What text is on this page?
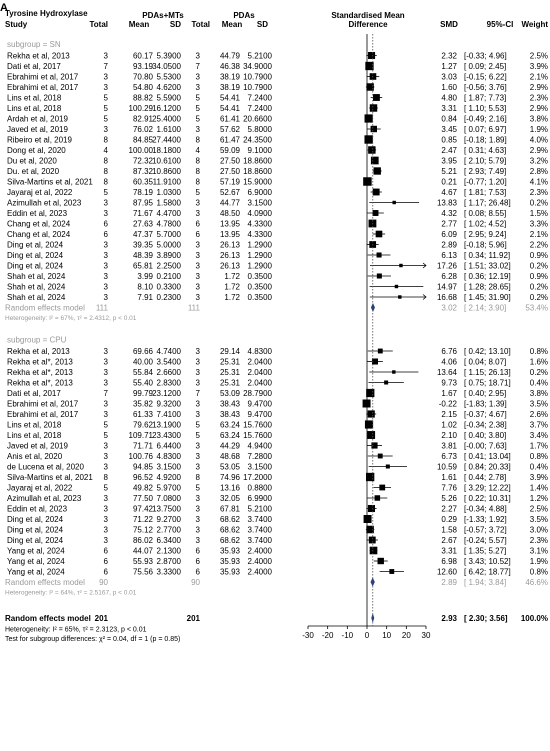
A
Tyrosine Hydroxylase
Study
PDAs+MTs	PDAs
Total	Mean	SD Total Mean SD
Standardised Mean
Difference	SMD	95%-CI Weight
subgroup = SN
Rekha et al, 2013	3	60.17 5.3900 3 44.79 5.2100	2.32 [-0.33; 4.96]	2.5%
Dati et al, 2017	7	93.19 34.0500 7 46.38 34.9000	1.27 [ 0.09; 2.45]	3.9%
Ebrahimi et al, 2017	3	70.80 5.5300 3 38.19 10.7900	3.03 [-0.15; 6.22]	2.1%
Ebrahimi et al, 2017	3	54.80 4.6200 3 38.19 10.7900	1.60 [-0.56; 3.76]	2.9%
Lins et al, 2018	5	88.82 5.5900 5 54.41 7.2400	4.80 [ 1.87; 7.73]	2.3%
Lins et al, 2018	5	100.29 16.1200 5 54.41 7.2400	3.31 [ 1.10; 5.53]	2.9%
Ardah et al, 2019	5	82.91 25.4000 5 61.41 20.6600	0.84 [-0.49; 2.16]	3.8%
Javed et al, 2019	3	76.02 1.6100 3 57.62 5.8000	3.45 [ 0.07; 6.97]	1.9%
Ribeiro et al, 2019	8	84.85 27.4400 8 61.47 24.3500	0.85 [-0.18; 1.89]	4.0%
Dong et al, 2020	4	100.00 18.1800 4 59.09 9.1000	2.47 [ 0.31; 4.63]	2.9%
Du et al, 2020	8	72.32 10.6100 8 27.50 18.8600	3.95 [ 2.10; 5.79]	3.2%
Du. et al, 2020	8	87.32 10.8600 8 27.50 18.8600	5.21 [ 2.93; 7.49]	2.8%
Silva-Martins et al, 2021 8	60.35 11.9100 8 57.19 15.9000	0.21 [-0.77; 1.20]	4.1%
Jayaraj et al, 2022	5	78.19 1.0300 5 52.67 6.9000	4.67 [ 1.81; 7.53]	2.3%
Azimullah et al, 2023	3	87.95 1.5800 3 44.77 3.1500	13.83 [ 1.17; 26.48] 0.2%
Eddin et al, 2023	3	71.67 4.4700 3 48.50 4.0900	4.32 [ 0.08; 8.55]	1.5%
Chang et al, 2024	6	27.63 4.7800 6 13.95 4.3300	2.77 [ 1.02; 4.52]	3.3%
Chang et al, 2024	6	47.37 5.7000 6 13.95 4.3300	6.09 [ 2.95; 9.24]	2.1%
Ding et al, 2024	3	39.35 5.0000 3 26.13 1.2900	2.89 [-0.18; 5.96]	2.2%
Ding et al, 2024	3	48.39 3.8900 3 26.13 1.2900	6.13 [ 0.34; 11.92] 0.9%
Ding et al, 2024	3	65.81 2.2500 3 26.13 1.2900	17.26 [ 1.51; 33.02] 0.2%
Shah et al, 2024	3	3.99 0.2100 3	1.72 0.3500	6.28 [ 0.36; 12.19] 0.9%
Shah et al, 2024	3	8.10 0.3300 3	1.72 0.3500	14.97 [ 1.28; 28.65] 0.2%
Shah et al, 2024	3	7.91 0.2300 3	1.72 0.3500	16.68 [ 1.45; 31.90] 0.2%
Random effects model 111	111	3.02 [ 2.14; 3.90] 53.4%
Heterogeneity: I² = 67%, τ² = 2.4312, p < 0.01
subgroup = CPU
Rekha et al, 2013	3	69.66 4.7400 3 29.14 4.8300	6.76 [ 0.42; 13.10] 0.8%
Rekha et al*, 2013	3	40.00 3.5400 3 25.31 2.0400	4.06 [ 0.04; 8.07]	1.6%
Rekha et al*, 2013	3	55.84 2.6600 3 25.31 2.0400	13.64 [ 1.15; 26.13] 0.2%
Rekha et al*, 2013	3	55.40 2.8300 3 25.31 2.0400	9.73 [ 0.75; 18.71] 0.4%
Dati et al, 2017	7	99.79 23.1200 7 53.09 28.7900	1.67 [ 0.40; 2.95]	3.8%
Ebrahimi et al, 2017	3	35.82 9.3200 3 38.43 9.4700	-0.22 [-1.83; 1.39]	3.5%
Ebrahimi et al, 2017	3	61.33 7.4100 3 38.43 9.4700	2.15 [-0.37; 4.67]	2.6%
Lins et al, 2018	5	79.62 13.1900 5 63.24 15.7600	1.02 [-0.34; 2.38]	3.7%
Lins et al, 2018	5	109.71 23.4300 5 63.24 15.7600	2.10 [ 0.40; 3.80]	3.4%
Javed et al, 2019	3	71.71 6.4400 3 44.29 4.9400	3.81 [-0.00; 7.63]	1.7%
Anis et al, 2020	3	100.76 4.8300 3 48.68 7.2800	6.73 [ 0.41; 13.04] 0.8%
de Lucena et al, 2020 3	94.85 3.1500 3 53.05 3.1500	10.59 [ 0.84; 20.33] 0.4%
Silva-Martins et al, 2021 8	96.52 4.9200 8 74.96 17.2000	1.61 [ 0.44; 2.78]	3.9%
Jayaraj et al, 2022	5	49.82 5.9700 5 13.16 0.8800	7.76 [ 3.29; 12.22] 1.4%
Azimullah et al, 2023	3	77.50 7.0800 3 32.05 6.9900	5.26 [ 0.22; 10.31] 1.2%
Eddin et al, 2023	3	97.42 13.7500 3 67.81 5.2100	2.27 [-0.34; 4.88]	2.5%
Ding et al, 2024	3	71.22 9.2700 3 68.62 3.7400	0.29 [-1.33; 1.92]	3.5%
Ding et al, 2024	3	75.12 2.7700 3 68.62 3.7400	1.58 [-0.57; 3.72]	3.0%
Ding et al, 2024	3	86.02 6.3400 3 68.62 3.7400	2.67 [-0.24; 5.57]	2.3%
Yang et al, 2024	6	44.07 2.1300 6 35.93 2.4000	3.31 [ 1.35; 5.27]	3.1%
Yang et al, 2024	6	55.93 2.8700 6 35.93 2.4000	6.98 [ 3.43; 10.52] 1.9%
Yang et al, 2024	6	75.56 3.3300 6 35.93 2.4000	12.60 [ 6.42; 18.77] 0.8%
Random effects model 90	90	2.89 [ 1.94; 3.84] 46.6%
Heterogeneity: I² = 64%, τ² = 2.5167, p < 0.01
Random effects model 201	201	2.93 [ 2.30; 3.56] 100.0%
Heterogeneity: I² = 65%, τ² = 2.3123, p < 0.01
Test for subgroup differences: χ² = 0.04, df = 1 (p = 0.85)	-30 -20 -10 0 10 20 30
